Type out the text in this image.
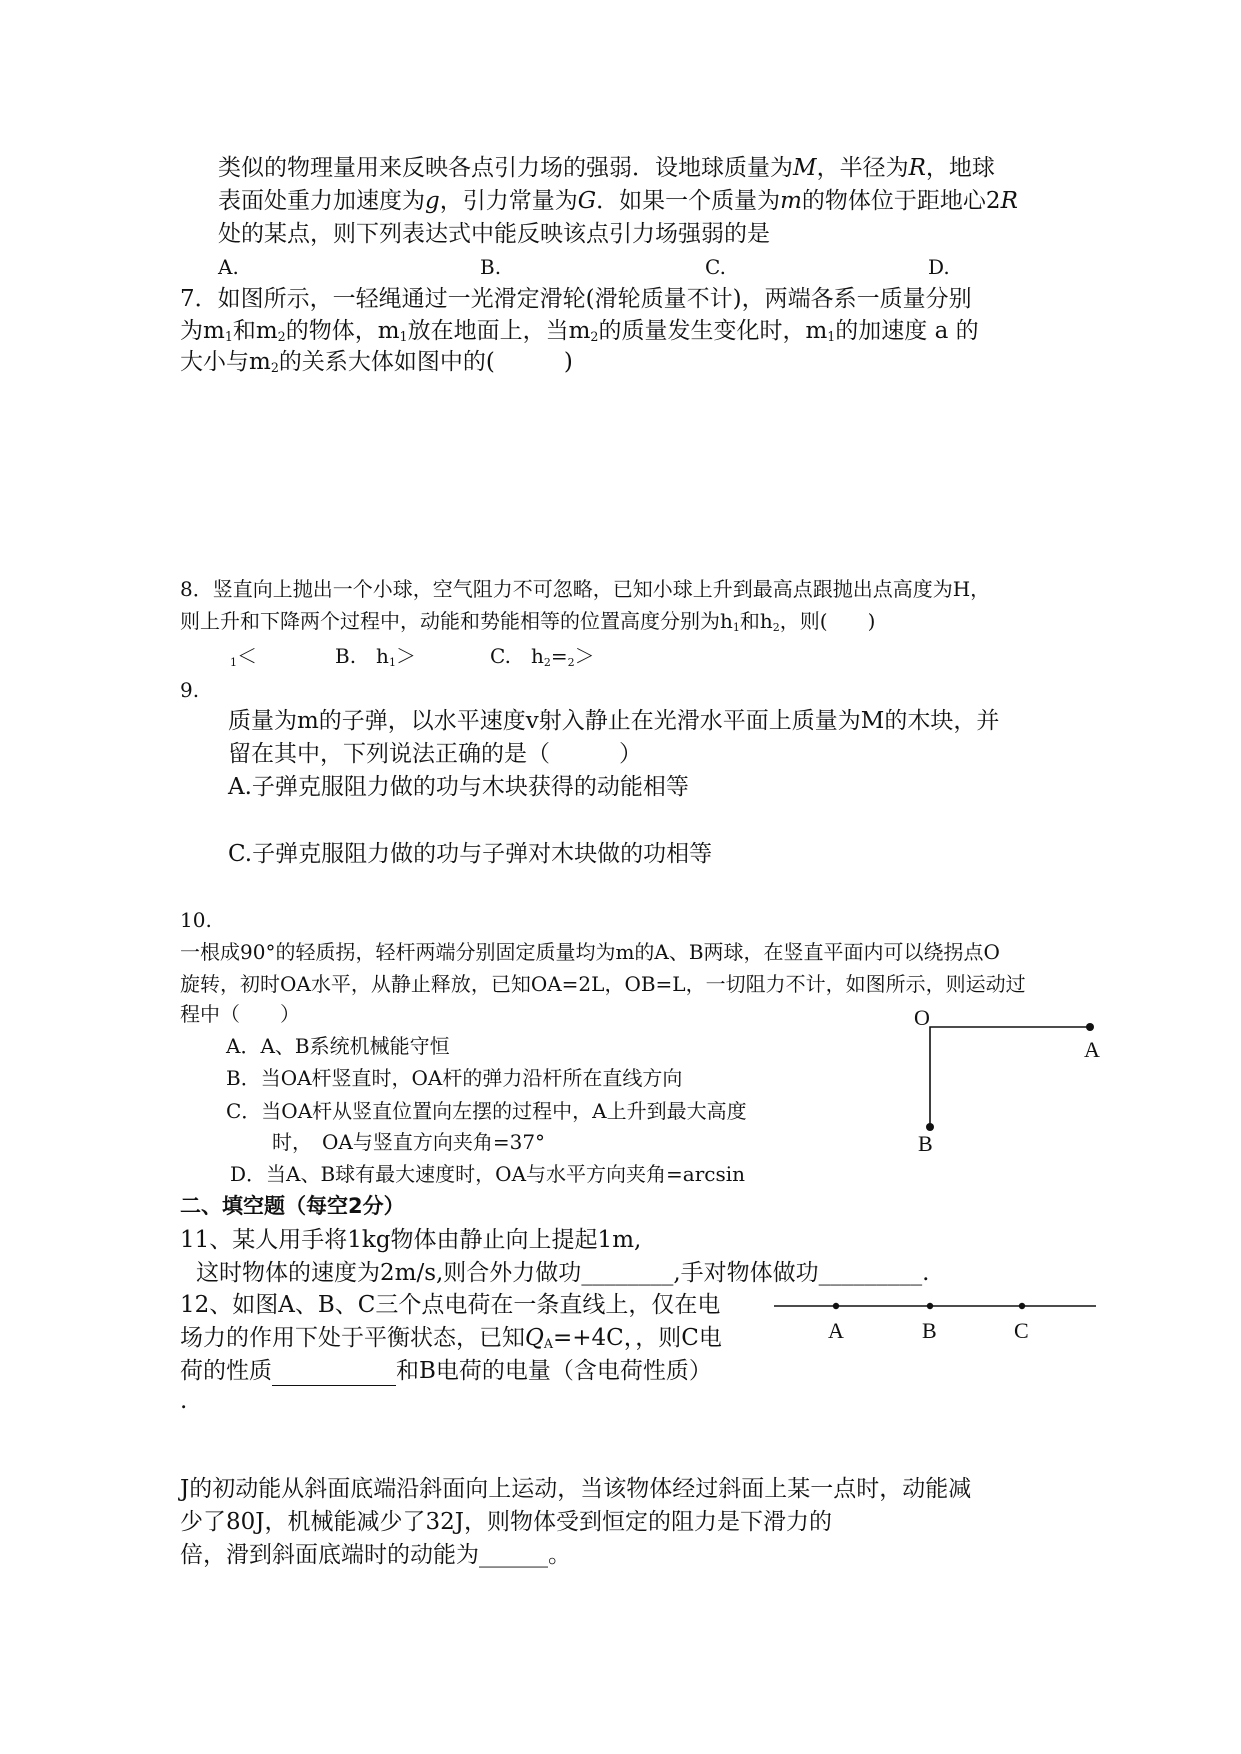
类似的物理量用来反映各点引力场的强弱．设地球质量为M，半径为R，地球
表面处重力加速度为g，引力常量为G．如果一个质量为m的物体位于距地心2R
处的某点，则下列表达式中能反映该点引力场强弱的是
A.	B.	C.	D.
7．如图所示，一轻绳通过一光滑定滑轮(滑轮质量不计)，两端各系一质量分别
为$m_1$和$m_2$的物体，$m_1$放在地面上，当$m_2$的质量发生变化时，$m_1$的加速度 a 的
大小与$m_2$的关系大体如图中的(　　　)
8．竖直向上抛出一个小球，空气阻力不可忽略，已知小球上升到最高点跟抛出点高度为H，
则上升和下降两个过程中，动能和势能相等的位置高度分别为$h_1$和$h_2$，则(　　)
$_1$＜	B.　$h_1>$	C.　$h_2=_2>$
9.
质量为m的子弹，以水平速度v射入静止在光滑水平面上质量为M的木块，并
留在其中，下列说法正确的是（　　　）
A.子弹克服阻力做的功与木块获得的动能相等
C.子弹克服阻力做的功与子弹对木块做的功相等
10.
一根成90°的轻质拐，轻杆两端分别固定质量均为m的A、B两球，在竖直平面内可以绕拐点O
旋转，初时OA水平，从静止释放，已知OA=2L，OB=L，一切阻力不计，如图所示，则运动过
程中（　　）
A．A、B系统机械能守恒
B．当OA杆竖直时，OA杆的弹力沿杆所在直线方向
C．当OA杆从竖直位置向左摆的过程中，A上升到最大高度
时，　OA与竖直方向夹角=37°
D．当A、B球有最大速度时，OA与水平方向夹角=arcsin
O
A
B
二、填空题（每空2分）
11、某人用手将1kg物体由静止向上提起1m,
这时物体的速度为2m/s,则合外力做功________,手对物体做功_________.
12、如图A、B、C三个点电荷在一条直线上，仅在电
场力的作用下处于平衡状态，已知$Q_A=+4C$，，则C电
荷的性质	和B电荷的电量（含电荷性质）
.
A	B	C
J的初动能从斜面底端沿斜面向上运动，当该物体经过斜面上某一点时，动能减
少了80J，机械能减少了32J，则物体受到恒定的阻力是下滑力的
倍，滑到斜面底端时的动能为______。
